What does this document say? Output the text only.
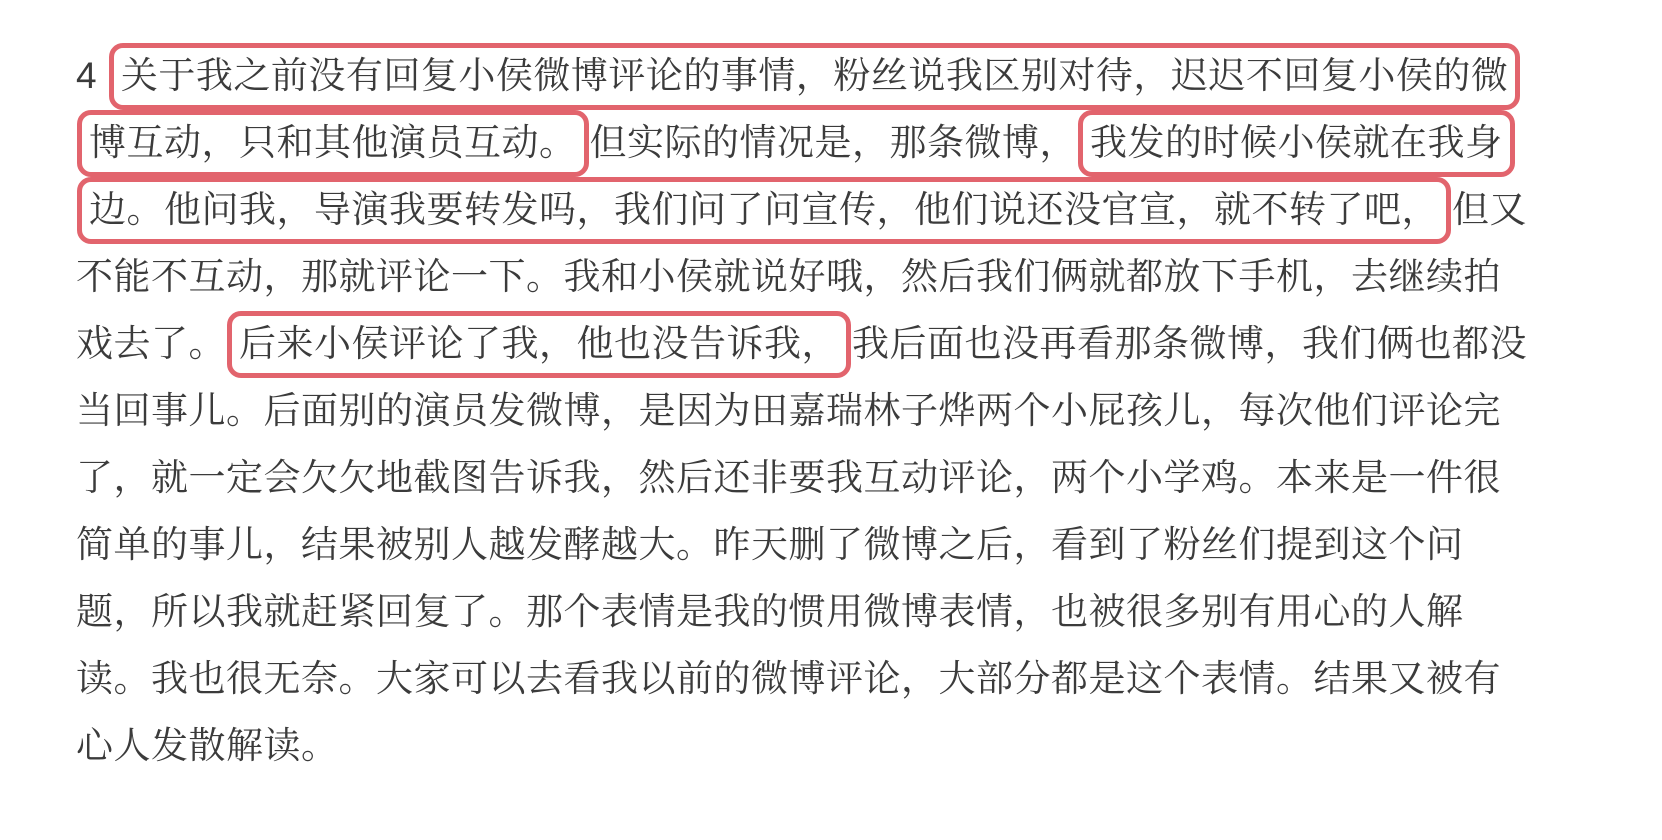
4 关于我之前没有回复小侯微博评论的事情，粉丝说我区别对待，迟迟不回复小侯的微
博互动，只和其他演员互动。 但实际的情况是，那条微博， 我发的时候小侯就在我身
边。他问我，导演我要转发吗，我们问了问宣传，他们说还没官宣，就不转了吧， 但又
不能不互动，那就评论一下。我和小侯就说好哦，然后我们俩就都放下手机，去继续拍
戏去了。 后来小侯评论了我，他也没告诉我， 我后面也没再看那条微博，我们俩也都没
当回事儿。后面别的演员发微博，是因为田嘉瑞林子烨两个小屁孩儿，每次他们评论完
了，就一定会欠欠地截图告诉我，然后还非要我互动评论，两个小学鸡。本来是一件很
简单的事儿，结果被别人越发酵越大。昨天删了微博之后，看到了粉丝们提到这个问
题，所以我就赶紧回复了。那个表情是我的惯用微博表情，也被很多别有用心的人解
读。我也很无奈。大家可以去看我以前的微博评论，大部分都是这个表情。结果又被有
心人发散解读。
